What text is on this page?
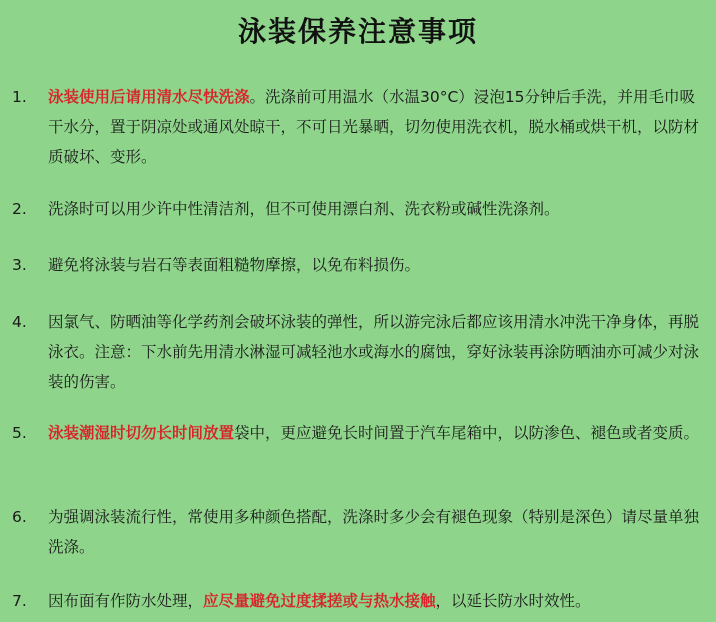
泳装保养注意事项
1.	泳装使用后请用清水尽快洗涤。洗涤前可用温水（水温30°C）浸泡15分钟后手洗，并用毛巾吸干水分，置于阴凉处或通风处晾干，不可日光暴晒，切勿使用洗衣机，脱水桶或烘干机，以防材质破坏、变形。
2.	洗涤时可以用少许中性清洁剂，但不可使用漂白剂、洗衣粉或碱性洗涤剂。
3.	避免将泳装与岩石等表面粗糙物摩擦，以免布料损伤。
4.	因氯气、防晒油等化学药剂会破坏泳装的弹性，所以游完泳后都应该用清水冲洗干净身体，再脱泳衣。注意：下水前先用清水淋湿可减轻池水或海水的腐蚀，穿好泳装再涂防晒油亦可减少对泳装的伤害。
5.	泳装潮湿时切勿长时间放置袋中，更应避免长时间置于汽车尾箱中，以防渗色、褪色或者变质。
6.	为强调泳装流行性，常使用多种颜色搭配，洗涤时多少会有褪色现象（特别是深色）请尽量单独洗涤。
7.	因布面有作防水处理，应尽量避免过度揉搓或与热水接触，以延长防水时效性。
